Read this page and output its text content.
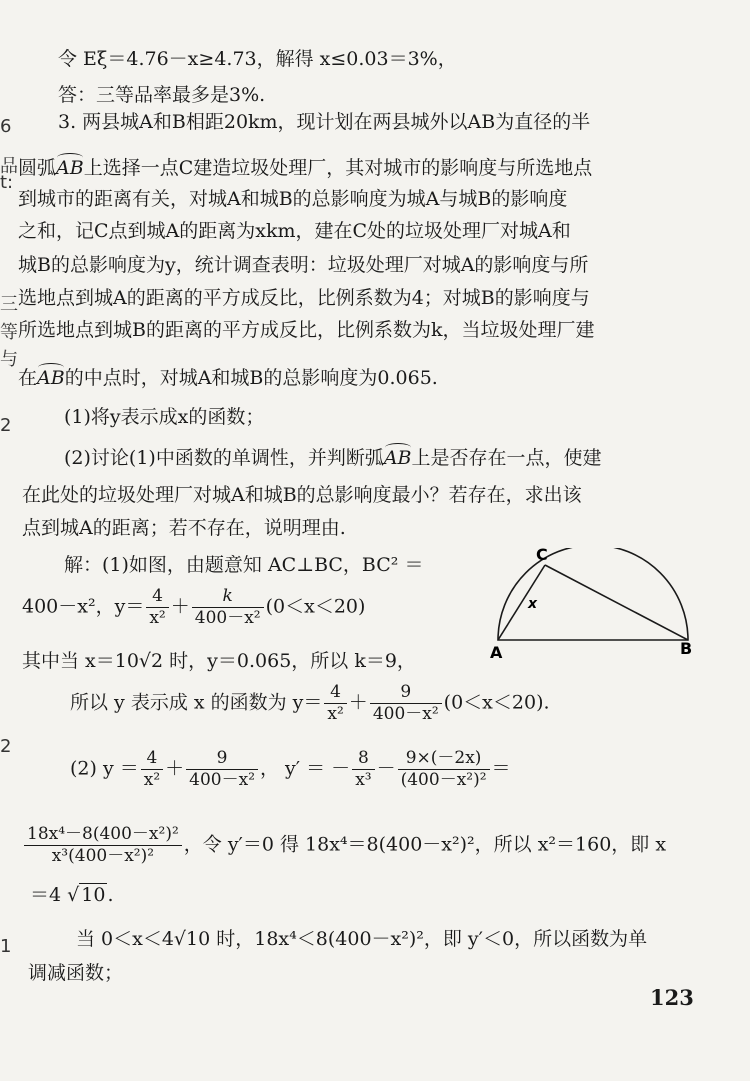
6
品
t:
三
等
与
2
2
1
令 Eξ＝4.76－x≥4.73，解得 x≤0.03＝3%，
答：三等品率最多是3%.
3. 两县城A和B相距20km，现计划在两县城外以AB为直径的半
圆弧AB上选择一点C建造垃圾处理厂，其对城市的影响度与所选地点
到城市的距离有关，对城A和城B的总影响度为城A与城B的影响度
之和，记C点到城A的距离为xkm，建在C处的垃圾处理厂对城A和
城B的总影响度为y，统计调查表明：垃圾处理厂对城A的影响度与所
选地点到城A的距离的平方成反比，比例系数为4；对城B的影响度与
所选地点到城B的距离的平方成反比，比例系数为k，当垃圾处理厂建
在AB的中点时，对城A和城B的总影响度为0.065.
(1)将y表示成x的函数；
(2)讨论(1)中函数的单调性，并判断弧AB上是否存在一点，使建
在此处的垃圾处理厂对城A和城B的总影响度最小？若存在，求出该
点到城A的距离；若不存在，说明理由.
解：(1)如图，由题意知 AC⊥BC，BC² ＝
400－x²，$y= \frac{4}{\text{x²}} + \frac{k}{\text{400－x²}} (0<x<20)$
其中当 x＝10√2 时，y＝0.065，所以 k＝9，
所以 y 表示成 x 的函数为 $y= \frac{4}{\text{x²}} + \frac{9}{\text{400－x²}} (0<x<20)$.
(2) $y = \frac{4}{\text{x²}} + \frac{9}{\text{400－x²}}$ ， y′ ＝ － $\frac{8}{\text{x³}} - \frac{9\times(-2x)}{\text{(400－x²)²}}$ ＝
$\frac{\text{18x⁴－8(400－x²)²}}{\text{x³(400－x²)²}}$ ，令 y′＝0 得 18x⁴＝8(400－x²)²，所以 x²＝160，即 x
＝4 √ 10 .
当 0＜x＜4√10 时，18x⁴＜8(400－x²)²，即 y′＜0，所以函数为单
调减函数；
C
A	B
x
123
